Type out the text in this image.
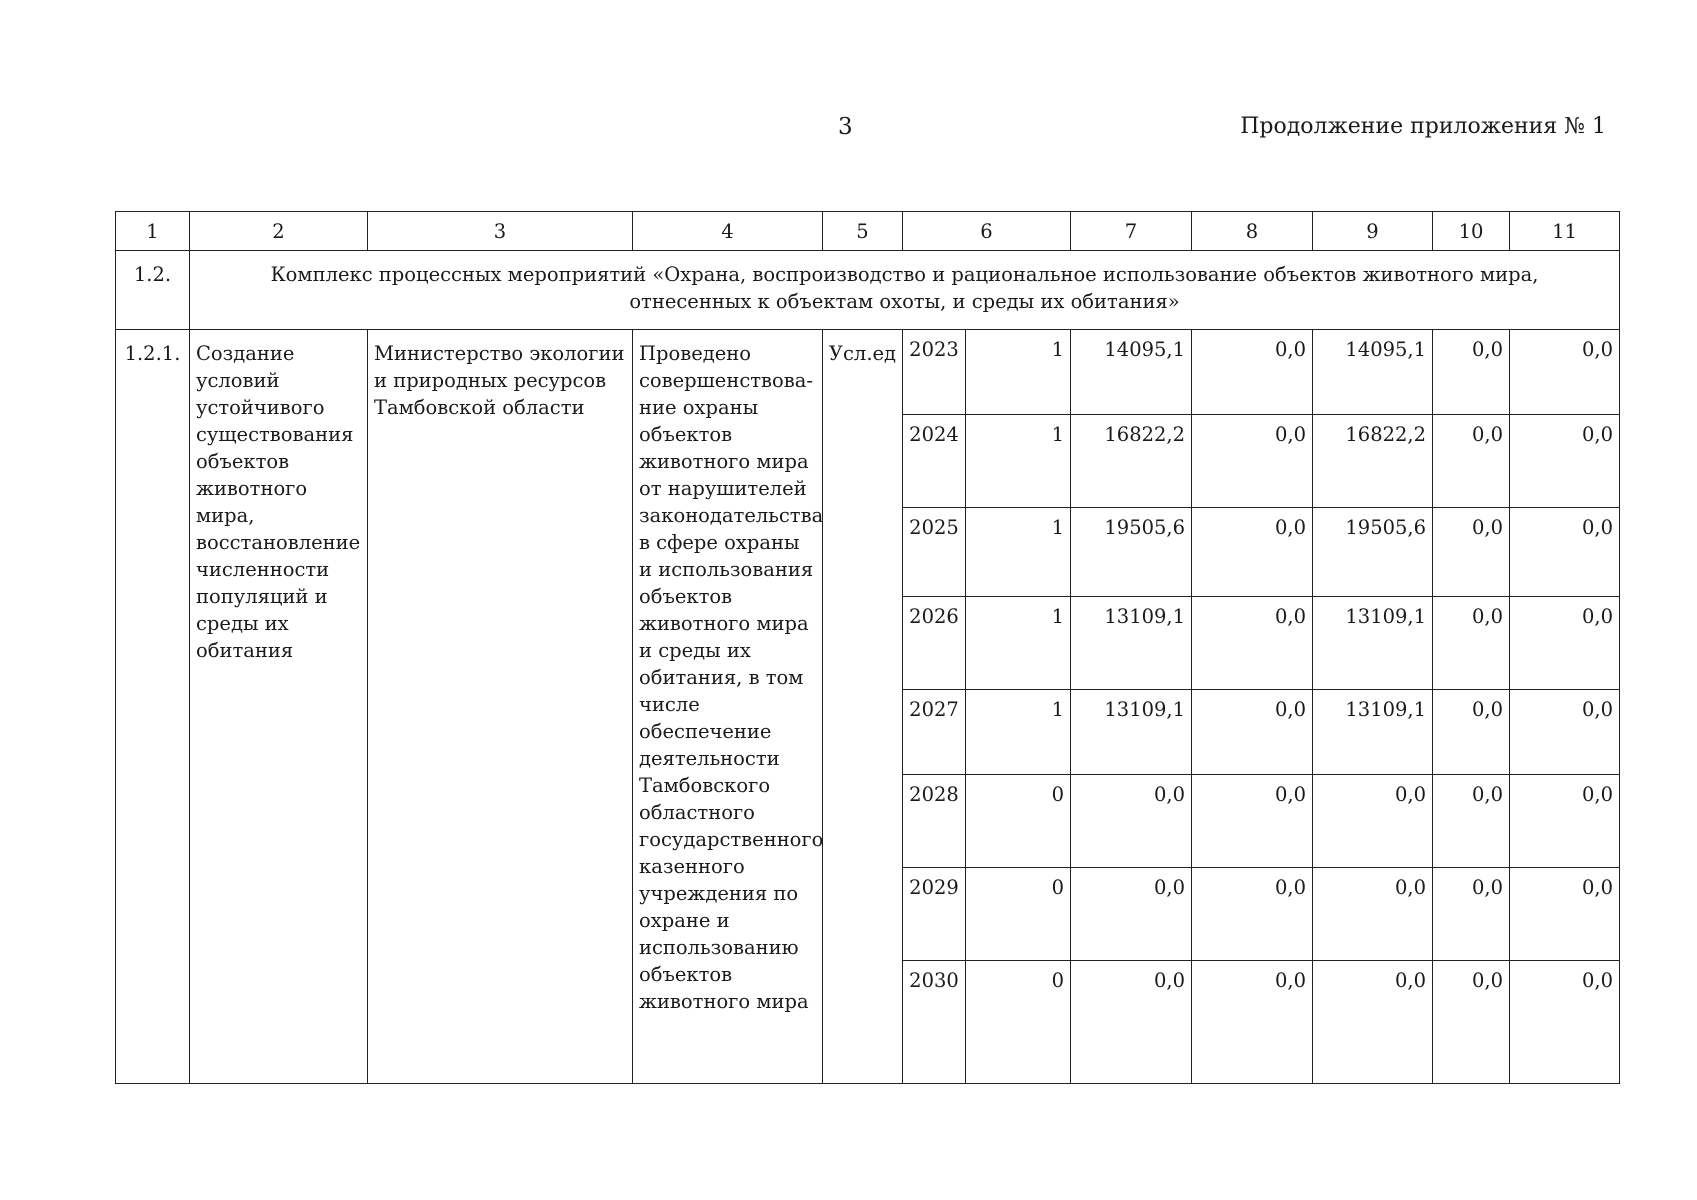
3	Продолжение приложения № 1
1	2	3	4	5	6		7	8	9	10	11
1.2.	Комплекс процессных мероприятий «Охрана, воспроизводство и рациональное использование объектов животного мира, отнесенных к объектам охоты, и среды их обитания»										
1.2.1.	Создание условий устойчивого существования объектов животного мира, восстановление численности популяций и среды их обитания	Министерство экологии и природных ресурсов Тамбовской области	Проведено совершенствова-ние охраны объектов животного мира от нарушителей законодательства в сфере охраны и использования объектов животного мира и среды их обитания, в том числе обеспечение деятельности Тамбовского областного государственного казенного учреждения по охране и использованию объектов животного мира	Усл.ед	2023	1	14095,1	0,0	14095,1	0,0	0,0
					2024	1	16822,2	0,0	16822,2	0,0	0,0
					2025	1	19505,6	0,0	19505,6	0,0	0,0
					2026	1	13109,1	0,0	13109,1	0,0	0,0
					2027	1	13109,1	0,0	13109,1	0,0	0,0
					2028	0	0,0	0,0	0,0	0,0	0,0
					2029	0	0,0	0,0	0,0	0,0	0,0
					2030	0	0,0	0,0	0,0	0,0	0,0
